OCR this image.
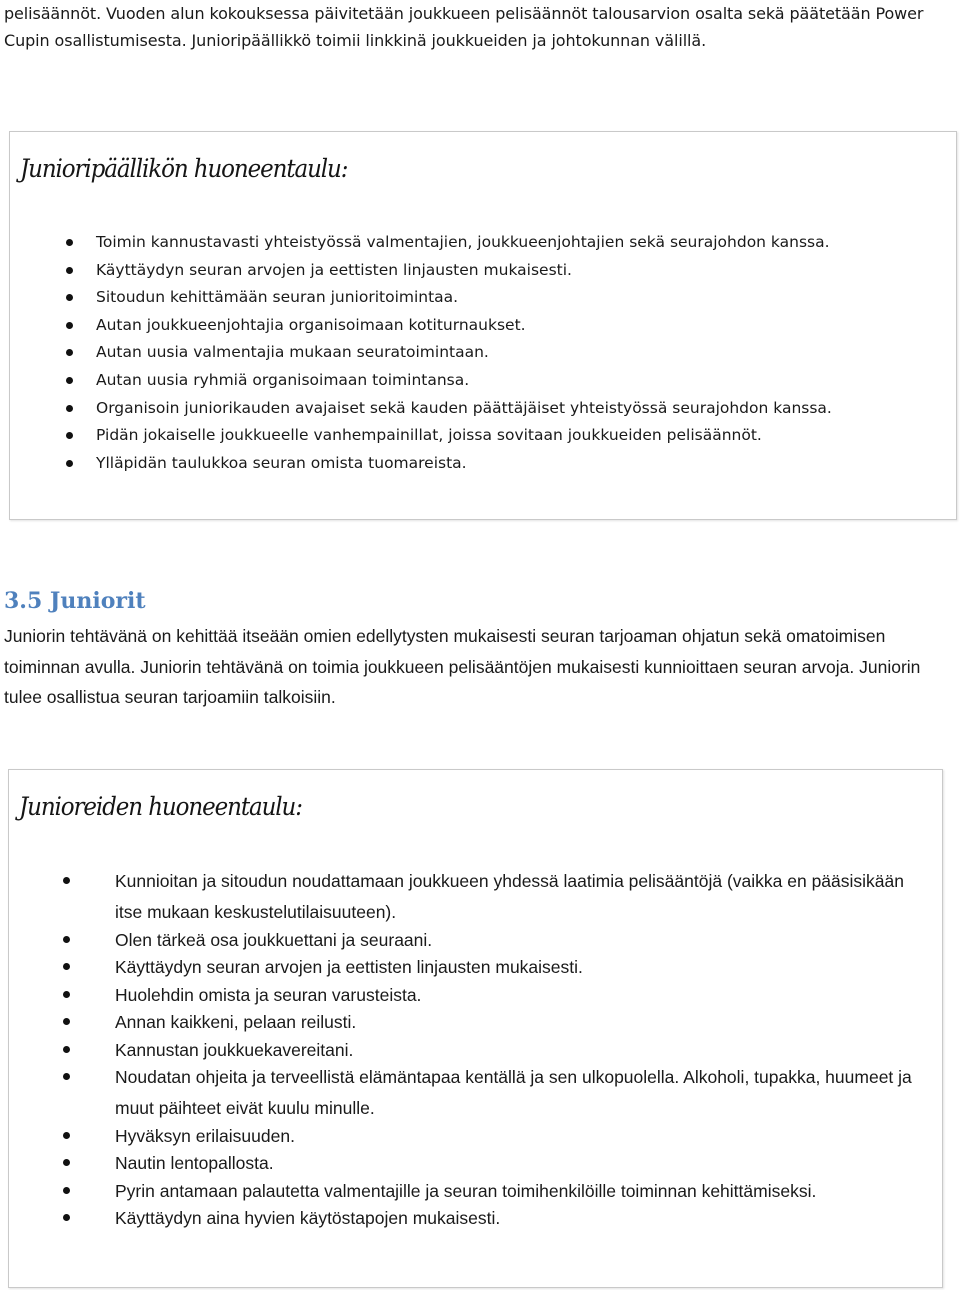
pelisäännöt. Vuoden alun kokouksessa päivitetään joukkueen pelisäännöt talousarvion osalta sekä päätetään Power Cupin osallistumisesta. Junioripäällikkö toimii linkkinä joukkueiden ja johtokunnan välillä.

Junioripäällikön huoneentaulu:
Toimin kannustavasti yhteistyössä valmentajien, joukkueenjohtajien sekä seurajohdon kanssa.
Käyttäydyn seuran arvojen ja eettisten linjausten mukaisesti.
Sitoudun kehittämään seuran junioritoimintaa.
Autan joukkueenjohtajia organisoimaan kotiturnaukset.
Autan uusia valmentajia mukaan seuratoimintaan.
Autan uusia ryhmiä organisoimaan toimintansa.
Organisoin juniorikauden avajaiset sekä kauden päättäjäiset yhteistyössä seurajohdon kanssa.
Pidän jokaiselle joukkueelle vanhempainillat, joissa sovitaan joukkueiden pelisäännöt.
Ylläpidän taulukkoa seuran omista tuomareista.
3.5 Juniorit

Juniorin tehtävänä on kehittää itseään omien edellytysten mukaisesti seuran tarjoaman ohjatun sekä omatoimisen toiminnan avulla. Juniorin tehtävänä on toimia joukkueen pelisääntöjen mukaisesti kunnioittaen seuran arvoja. Juniorin tulee osallistua seuran tarjoamiin talkoisiin.

Junioreiden huoneentaulu:
Kunnioitan ja sitoudun noudattamaan joukkueen yhdessä laatimia pelisääntöjä (vaikka en pääsisikään itse mukaan keskustelutilaisuuteen).
Olen tärkeä osa joukkuettani ja seuraani.
Käyttäydyn seuran arvojen ja eettisten linjausten mukaisesti.
Huolehdin omista ja seuran varusteista.
Annan kaikkeni, pelaan reilusti.
Kannustan joukkuekavereitani.
Noudatan ohjeita ja terveellistä elämäntapaa kentällä ja sen ulkopuolella. Alkoholi, tupakka, huumeet ja muut päihteet eivät kuulu minulle.
Hyväksyn erilaisuuden.
Nautin lentopallosta.
Pyrin antamaan palautetta valmentajille ja seuran toimihenkilöille toiminnan kehittämiseksi.
Käyttäydyn aina hyvien käytöstapojen mukaisesti.
